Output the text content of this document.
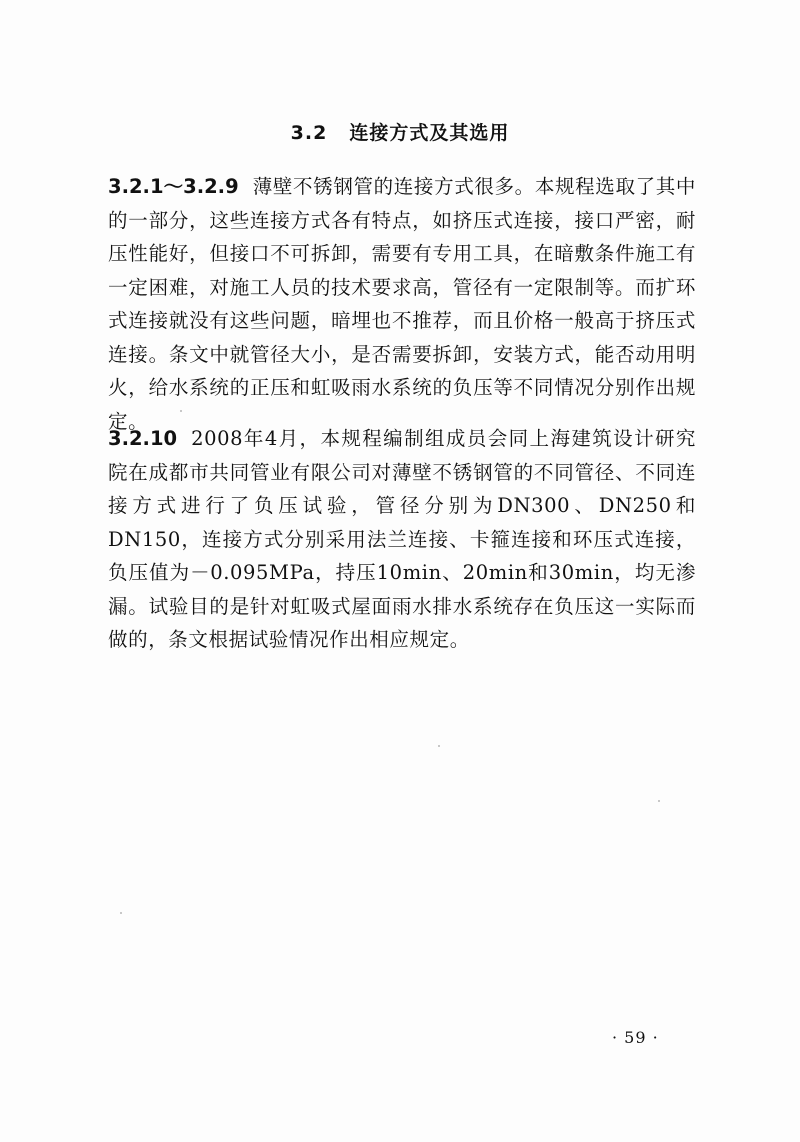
3.2 连接方式及其选用

3.2.1～3.2.9 薄壁不锈钢管的连接方式很多。本规程选取了其中的一部分，这些连接方式各有特点，如挤压式连接，接口严密，耐压性能好，但接口不可拆卸，需要有专用工具，在暗敷条件施工有一定困难，对施工人员的技术要求高，管径有一定限制等。而扩环式连接就没有这些问题，暗埋也不推荐，而且价格一般高于挤压式连接。条文中就管径大小，是否需要拆卸，安装方式，能否动用明火，给水系统的正压和虹吸雨水系统的负压等不同情况分别作出规定。

3.2.10 2008年4月，本规程编制组成员会同上海建筑设计研究院在成都市共同管业有限公司对薄壁不锈钢管的不同管径、不同连接方式进行了负压试验，管径分别为DN300、DN250和DN150，连接方式分别采用法兰连接、卡箍连接和环压式连接，负压值为－0.095MPa，持压10min、20min和30min，均无渗漏。试验目的是针对虹吸式屋面雨水排水系统存在负压这一实际而做的，条文根据试验情况作出相应规定。

· 59 ·
